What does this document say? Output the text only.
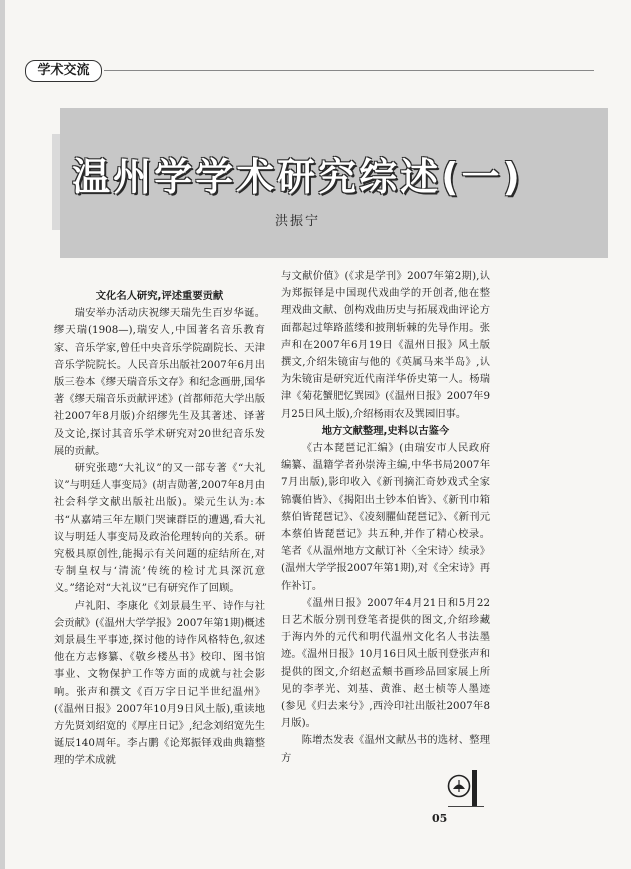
学术交流
温州学学术研究综述(一)
洪振宁
文化名人研究,评述重要贡献

瑞安举办活动庆祝缪天瑞先生百岁华诞。缪天瑞(1908—),瑞安人,中国著名音乐教育家、音乐学家,曾任中央音乐学院副院长、天津音乐学院院长。人民音乐出版社2007年6月出版三卷本《缪天瑞音乐文存》和纪念画册,国华著《缪天瑞音乐贡献评述》(首都师范大学出版社2007年8月版)介绍缪先生及其著述、译著及文论,探讨其音乐学术研究对20世纪音乐发展的贡献。

研究张璁“大礼议”的又一部专著《“大礼议”与明廷人事变局》(胡吉勋著,2007年8月由社会科学文献出版社出版)。梁元生认为:本书“从嘉靖三年左顺门哭谏群臣的遭遇,看大礼议与明廷人事变局及政治伦理转向的关系。研究极具原创性,能揭示有关问题的症结所在,对专制皇权与‘清流’传统的检讨尤具深沉意义。”绪论对“大礼议”已有研究作了回顾。

卢礼阳、李康化《刘景晨生平、诗作与社会贡献》(《温州大学学报》2007年第1期)概述刘景晨生平事迹,探讨他的诗作风格特色,叙述他在方志修纂、《敬乡楼丛书》校印、图书馆事业、文物保护工作等方面的成就与社会影响。张声和撰文《百万字日记半世纪温州》(《温州日报》2007年10月9日风土版),重读地方先贤刘绍宽的《厚庄日记》,纪念刘绍宽先生诞辰140周年。李占鹏《论郑振铎戏曲典籍整理的学术成就

与文献价值》(《求是学刊》2007年第2期),认为郑振铎是中国现代戏曲学的开创者,他在整理戏曲文献、创构戏曲历史与拓展戏曲评论方面都起过筚路蓝缕和披荆斩棘的先导作用。张声和在2007年6月19日《温州日报》风土版撰文,介绍朱镜宙与他的《英属马来半岛》,认为朱镜宙是研究近代南洋华侨史第一人。杨瑞津《菊花蟹肥忆巽园》(《温州日报》2007年9月25日风土版),介绍杨雨农及巽园旧事。

地方文献整理,史料以古鉴今

《古本琵琶记汇编》(由瑞安市人民政府编纂、温籍学者孙崇涛主编,中华书局2007年7月出版),影印收入《新刊摘汇奇妙戏式全家锦囊伯皆》、《揭阳出土钞本伯皆》、《新刊巾箱蔡伯皆琵琶记》、《凌刻臞仙琵琶记》、《新刊元本蔡伯皆琵琶记》共五种,并作了精心校录。笔者《从温州地方文献订补〈全宋诗〉续录》(温州大学学报2007年第1期),对《全宋诗》再作补订。

《温州日报》2007年4月21日和5月22日艺术版分别刊登笔者提供的图文,介绍珍藏于海内外的元代和明代温州文化名人书法墨迹。《温州日报》10月16日风土版刊登张声和提供的图文,介绍赵孟頫书画珍品回家展上所见的李孝光、刘基、黄淮、赵士桢等人墨迹(参见《归去来兮》,西泠印社出版社2007年8月版)。

陈增杰发表《温州文献丛书的选材、整理方

05
